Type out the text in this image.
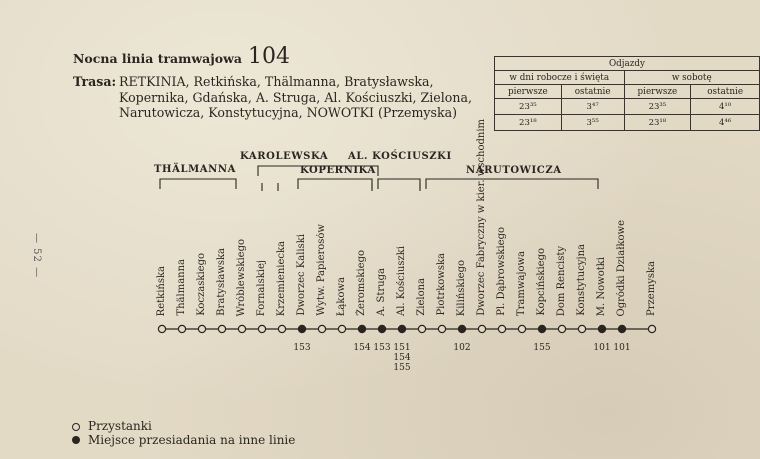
— 52 —
Nocna linia tramwajowa 104
Trasa: RETKINIA, Retkińska, Thälmanna, Bratysławska, Kopernika, Gdańska, A. Struga, Al. Kościuszki, Zielona, Narutowicza, Konstytucyjna, NOWOTKI (Przemyska)
Odjazdy			
w dni robocze i święta		w sobotę	
pierwsze	ostatnie	pierwsze	ostatnie
23³⁵	3⁴⁷	23³⁵	4¹⁰
23¹⁸	3⁵⁵	23¹⁸	4⁴⁶
THÄLMANNA
KAROLEWSKA
KOPERNIKA
AL. KOŚCIUSZKI
NARUTOWICZA
Retkińska Thälmanna Koczaskiego Bratysławska Wróblewskiego Fornalskiej Krzemieniecka Dworzec Kaliski
153
Wytw. Papierosów Łąkowa Żeromskiego
154
A. Struga
153
Al. Kościuszki
151
154
155
Zielona Piotrkowska Kilińskiego
102
Dworzec Fabryczny w kier. wschodnim Pl. Dąbrowskiego Tramwajowa Kopcińskiego
155
Dom Rencisty Konstytucyjna M. Nowotki
101
Ogródki Działkowe
101
Przemyska
Przystanki
Miejsce przesiadania na inne linie
